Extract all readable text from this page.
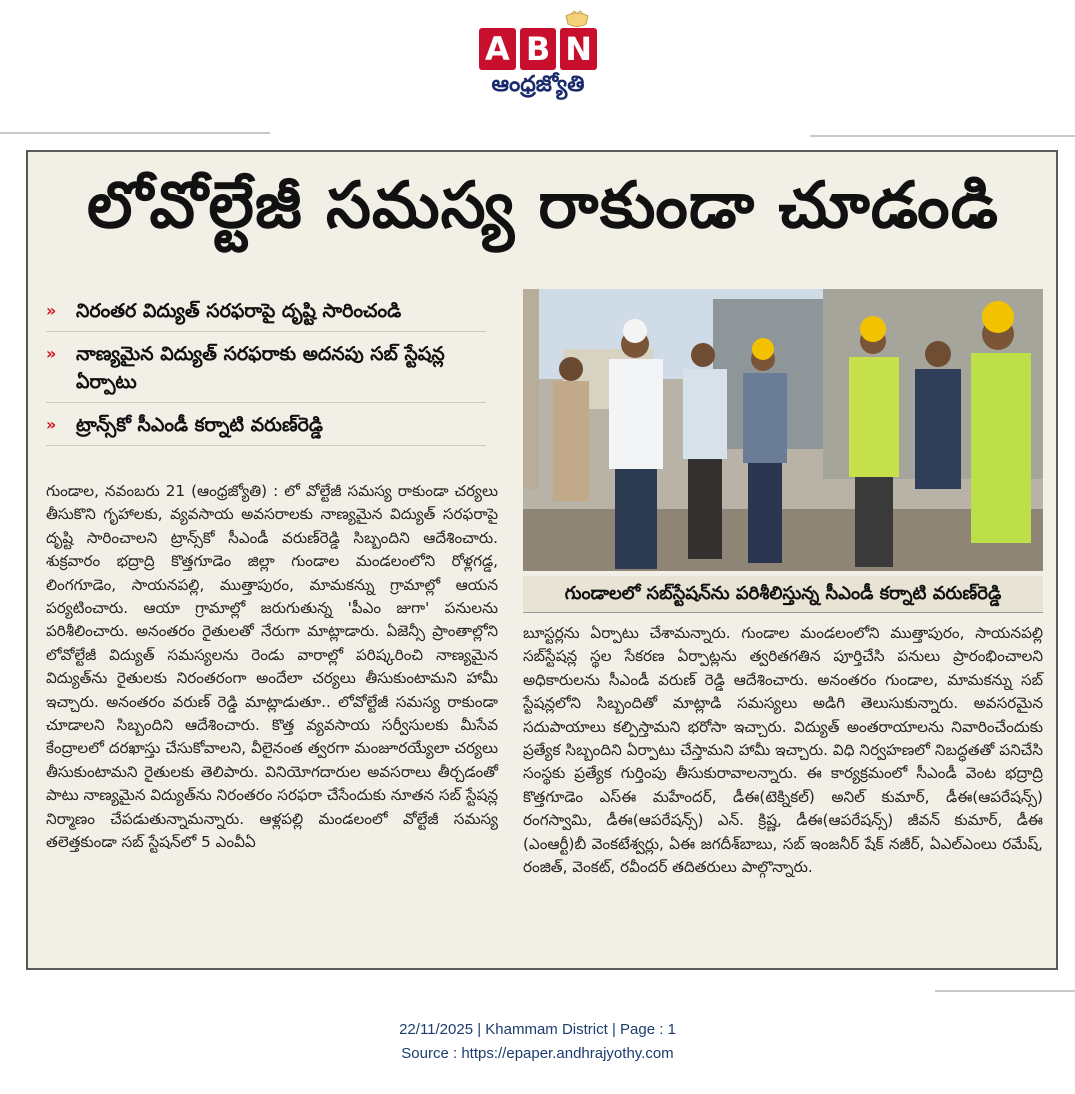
A B N
ఆంధ్రజ్యోతి
లోవోల్టేజీ సమస్య రాకుండా చూడండి
» నిరంతర విద్యుత్ సరఫరాపై దృష్టి సారించండి
» నాణ్యమైన విద్యుత్ సరఫరాకు అదనపు సబ్ స్టేషన్ల ఏర్పాటు
» ట్రాన్స్‌కో సీఎండీ కర్నాటి వరుణ్‌రెడ్డి
గుండాలలో సబ్‌స్టేషన్‌ను పరిశీలిస్తున్న సీఎండీ కర్నాటి వరుణ్‌రెడ్డి
గుండాల, నవంబరు 21 (ఆంధ్రజ్యోతి) : లో వోల్టేజీ సమస్య రాకుండా చర్యలు తీసుకొని గృహాలకు, వ్యవసాయ అవసరాలకు నాణ్యమైన విద్యుత్ సరఫరాపై దృష్టి సారించాలని ట్రాన్స్‌కో సీఎండీ వరుణ్‌రెడ్డి సిబ్బందిని ఆదేశించారు. శుక్రవారం భద్రాద్రి కొత్తగూడెం జిల్లా గుండాల మండలంలోని రోళ్లగడ్డ, లింగగూడెం, సాయనపల్లి, ముత్తాపురం, మామకన్ను గ్రామాల్లో ఆయన పర్యటించారు. ఆయా గ్రామాల్లో జరుగుతున్న 'పీఎం జుగా' పనులను పరిశీలించారు. అనంతరం రైతులతో నేరుగా మాట్లాడారు. ఏజెన్సీ ప్రాంతాల్లోని లోవోల్టేజీ విద్యుత్ సమస్యలను రెండు వారాల్లో పరిష్కరించి నాణ్యమైన విద్యుత్‌ను రైతులకు నిరంతరంగా అందేలా చర్యలు తీసుకుంటామని హామీ ఇచ్చారు. అనంతరం వరుణ్ రెడ్డి మాట్లాడుతూ.. లోవోల్టేజీ సమస్య రాకుండా చూడాలని సిబ్బందిని ఆదేశించారు. కొత్త వ్యవసాయ సర్వీసులకు మీసేవ కేంద్రాలలో దరఖాస్తు చేసుకోవాలని, వీలైనంత త్వరగా మంజూరయ్యేలా చర్యలు తీసుకుంటామని రైతులకు తెలిపారు. వినియోగదారుల అవసరాలు తీర్చడంతో పాటు నాణ్యమైన విద్యుత్‌ను నిరంతరం సరఫరా చేసేందుకు నూతన సబ్ స్టేషన్ల నిర్మాణం చేపడుతున్నామన్నారు. ఆళ్లపల్లి మండలంలో వోల్టేజీ సమస్య తలెత్తకుండా సబ్ స్టేషన్‌లో 5 ఎంవీఏ
బూస్టర్లను ఏర్పాటు చేశామన్నారు. గుండాల మండలంలోని ముత్తాపురం, సాయనపల్లి సబ్‌స్టేషన్ల స్థల సేకరణ ఏర్పాట్లను త్వరితగతిన పూర్తిచేసి పనులు ప్రారంభించాలని అధికారులను సీఎండీ వరుణ్ రెడ్డి ఆదేశించారు. అనంతరం గుండాల, మామకన్ను సబ్ స్టేషన్లలోని సిబ్బందితో మాట్లాడి సమస్యలు అడిగి తెలుసుకున్నారు. అవసరమైన సదుపాయాలు కల్పిస్తామని భరోసా ఇచ్చారు. విద్యుత్ అంతరాయాలను నివారించేందుకు ప్రత్యేక సిబ్బందిని ఏర్పాటు చేస్తామని హామీ ఇచ్చారు. విధి నిర్వహణలో నిబద్ధతతో పనిచేసి సంస్థకు ప్రత్యేక గుర్తింపు తీసుకురావాలన్నారు. ఈ కార్యక్రమంలో సీఎండీ వెంట భద్రాద్రి కొత్తగూడెం ఎస్ఈ మహేందర్, డీఈ(టెక్నికల్) అనిల్ కుమార్, డీఈ(ఆపరేషన్స్) రంగస్వామి, డీఈ(ఆపరేషన్స్) ఎన్. క్రిష్ణ, డీఈ(ఆపరేషన్స్) జీవన్ కుమార్, డీఈ (ఎంఆర్టీ)బీ వెంకటేశ్వర్లు, ఏఈ జగదీశ్‌బాబు, సబ్ ఇంజనీర్ షేక్ నజీర్, ఏఎల్ఎంలు రమేష్, రంజిత్, వెంకట్, రవీందర్ తదితరులు పాల్గొన్నారు.
22/11/2025 | Khammam District | Page : 1
Source : https://epaper.andhrajyothy.com
